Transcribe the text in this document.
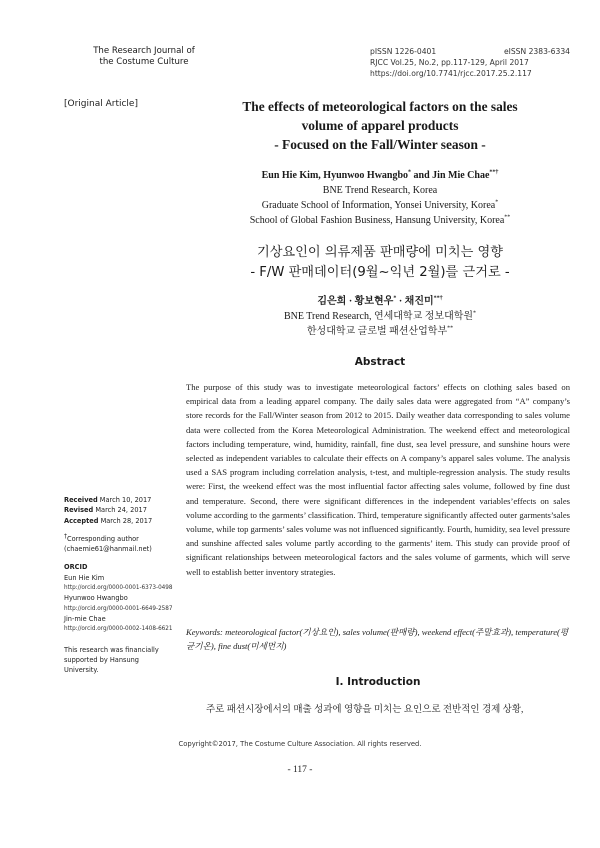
The Research Journal of
the Costume Culture
pISSN 1226-0401	eISSN 2383-6334
RJCC Vol.25, No.2, pp.117-129, April 2017
https://doi.org/10.7741/rjcc.2017.25.2.117
[Original Article]	The effects of meteorological factors on the sales
volume of apparel products
- Focused on the Fall/Winter season -
Eun Hie Kim, Hyunwoo Hwangbo* and Jin Mie Chae**†
BNE Trend Research, Korea
Graduate School of Information, Yonsei University, Korea*
School of Global Fashion Business, Hansung University, Korea**
기상요인이 의류제품 판매량에 미치는 영향
- F/W 판매데이터(9월~익년 2월)를 근거로 -
김은희 · 황보현우* · 채진미**†
BNE Trend Research, 연세대학교 정보대학원*
한성대학교 글로벌 패션산업학부**
Abstract
The purpose of this study was to investigate meteorological factors’ effects on clothing sales based on empirical data from a leading apparel company. The daily sales data were aggregated from “A” company’s store records for the Fall/Winter season from 2012 to 2015. Daily weather data corresponding to sales volume data were collected from the Korea Meteorological Administration. The weekend effect and meteorological factors including temperature, wind, humidity, rainfall, fine dust, sea level pressure, and sunshine hours were selected as independent variables to calculate their effects on A company’s apparel sales volume. The analysis used a SAS program including correlation analysis, t-test, and multiple-regression analysis. The study results were: First, the weekend effect was the most influential factor affecting sales volume, followed by fine dust and temperature. Second, there were significant differences in the independent variables’effects on sales volume according to the garments’ classification. Third, temperature significantly affected outer garments’sales volume, while top garments’ sales volume was not influenced significantly. Fourth, humidity, sea level pressure and sunshine affected sales volume partly according to the garments’ item. This study can provide proof of significant relationships between meteorological factors and the sales volume of garments, which will serve well to establish better inventory strategies.
Keywords: meteorological factor(기상요인), sales volume(판매량), weekend effect(주말효과), temperature(평균기온), fine dust(미세먼지)
Received March 10, 2017
Revised March 24, 2017
Accepted March 28, 2017
†Corresponding author
(chaemie61@hanmail.net)
ORCID
Eun Hie Kim
http://orcid.org/0000-0001-6373-0498
Hyunwoo Hwangbo
http://orcid.org/0000-0001-6649-2587
Jin-mie Chae
http://orcid.org/0000-0002-1408-6621
This research was financially
supported by Hansung
University.
I. Introduction
주로 패션시장에서의 매출 성과에 영향을 미치는 요인으로 전반적인 경제 상황,
Copyright©2017, The Costume Culture Association. All rights reserved.
- 117 -
